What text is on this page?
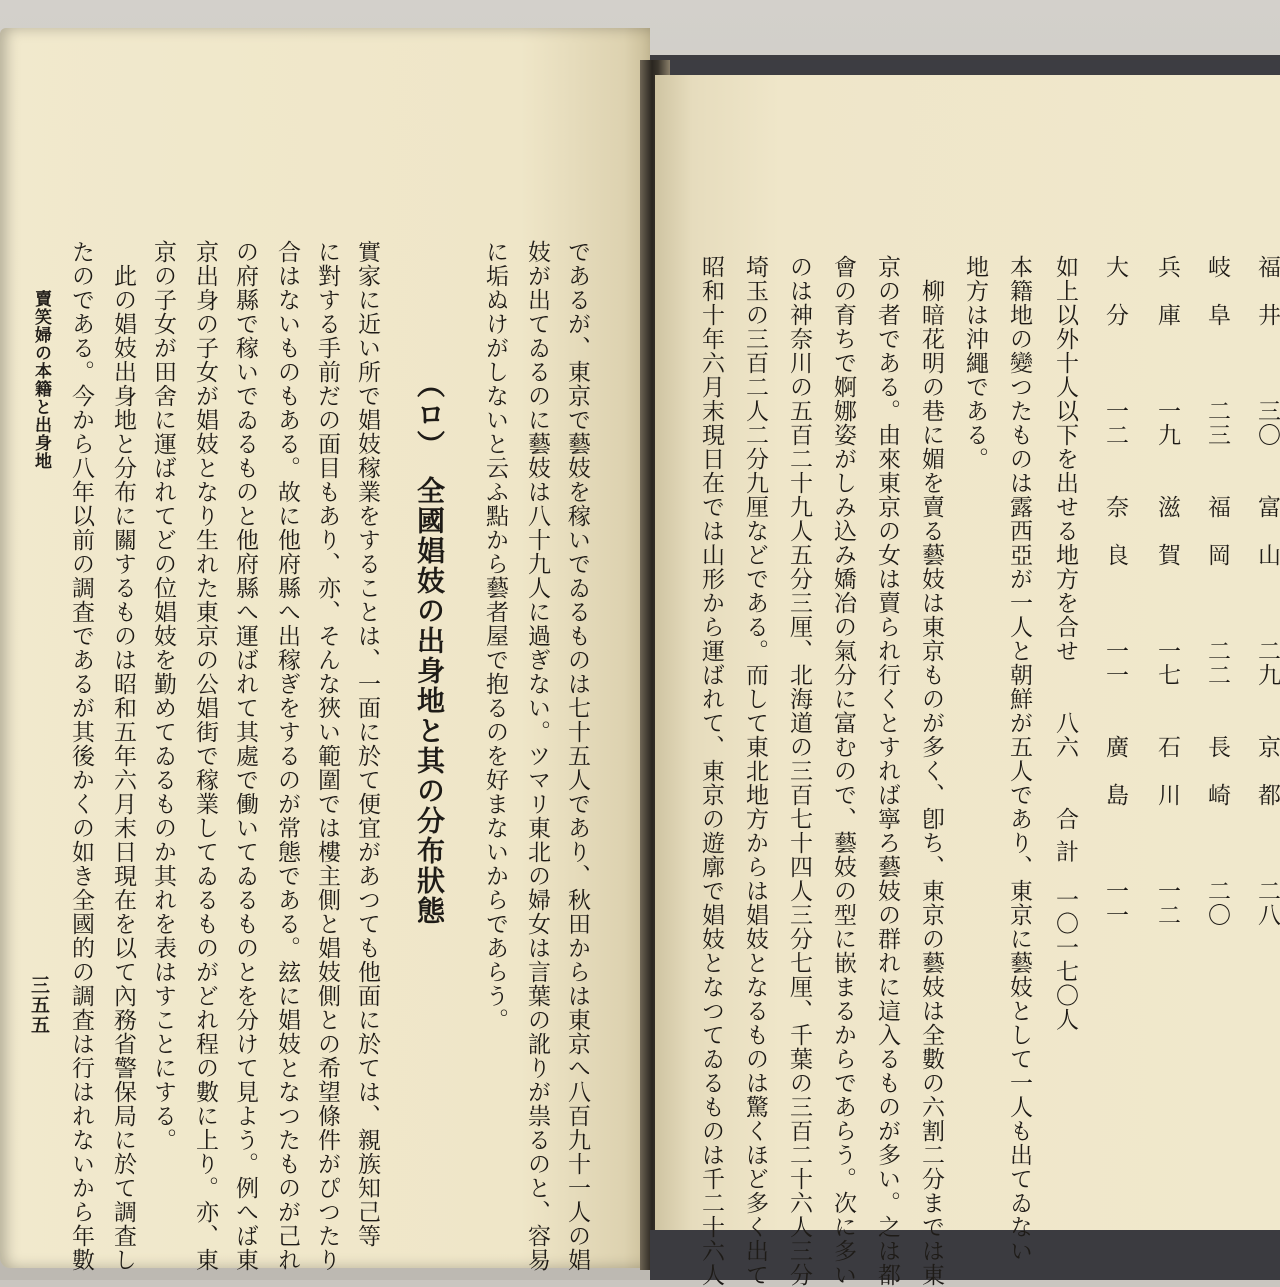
であるが、東京で藝妓を稼いでゐるものは七十五人であり、秋田からは東京へ八百九十一人の娼
妓が出てゐるのに藝妓は八十九人に過ぎない。ツマリ東北の婦女は言葉の訛りが祟るのと、容易
に垢ぬけがしないと云ふ點から藝者屋で抱るのを好まないからであらう。
（ロ）　全國娼妓の出身地と其の分布狀態
實家に近い所で娼妓稼業をすることは、一面に於て便宜があつても他面に於ては、親族知己等
に對する手前だの面目もあり、亦、そんな狹い範圍では樓主側と娼妓側との希望條件がぴつたり
合はないものもある。故に他府縣へ出稼ぎをするのが常態である。玆に娼妓となつたものが己れ
の府縣で稼いでゐるものと他府縣へ運ばれて其處で働いてゐるものとを分けて見よう。例へば東
京出身の子女が娼妓となり生れた東京の公娼街で稼業してゐるものがどれ程の數に上り。亦、東
京の子女が田舍に運ばれてどの位娼妓を勤めてゐるものか其れを表はすことにする。
　此の娼妓出身地と分布に關するものは昭和五年六月末日現在を以て內務省警保局に於て調査し
たのである。今から八年以前の調査であるが其後かくの如き全國的の調査は行はれないから年數
賣笑婦の本籍と出身地
三五五
福　井　　　三〇　　富　山　　　二九　　京　都　　　二八
岐　阜　　　二三　　福　岡　　　二二　　長　崎　　　二〇
兵　庫　　　一九　　滋　賀　　　一七　　石　川　　　一二
大　分　　　一二　　奈　良　　　一一　　廣　島　　　一一
如上以外十人以下を出せる地方を合せ　　八六　　合 計　一〇一七〇人
本籍地の變つたものは露西亞が一人と朝鮮が五人であり、東京に藝妓として一人も出てゐない
地方は沖繩である。
　柳暗花明の巷に媚を賣る藝妓は東京ものが多く、卽ち、東京の藝妓は全數の六割二分までは東
京の者である。由來東京の女は賣られ行くとすれば寧ろ藝妓の群れに這入るものが多い。之は都
會の育ちで婀娜姿がしみ込み嬌冶の氣分に富むので、藝妓の型に嵌まるからであらう。次に多い
のは神奈川の五百二十九人五分三厘、北海道の三百七十四人三分七厘、千葉の三百二十六人三分
埼玉の三百二人二分九厘などである。而して東北地方からは娼妓となるものは驚くほど多く出て
昭和十年六月末現日在では山形から運ばれて、東京の遊廓で娼妓となつてゐるものは千二十六人
